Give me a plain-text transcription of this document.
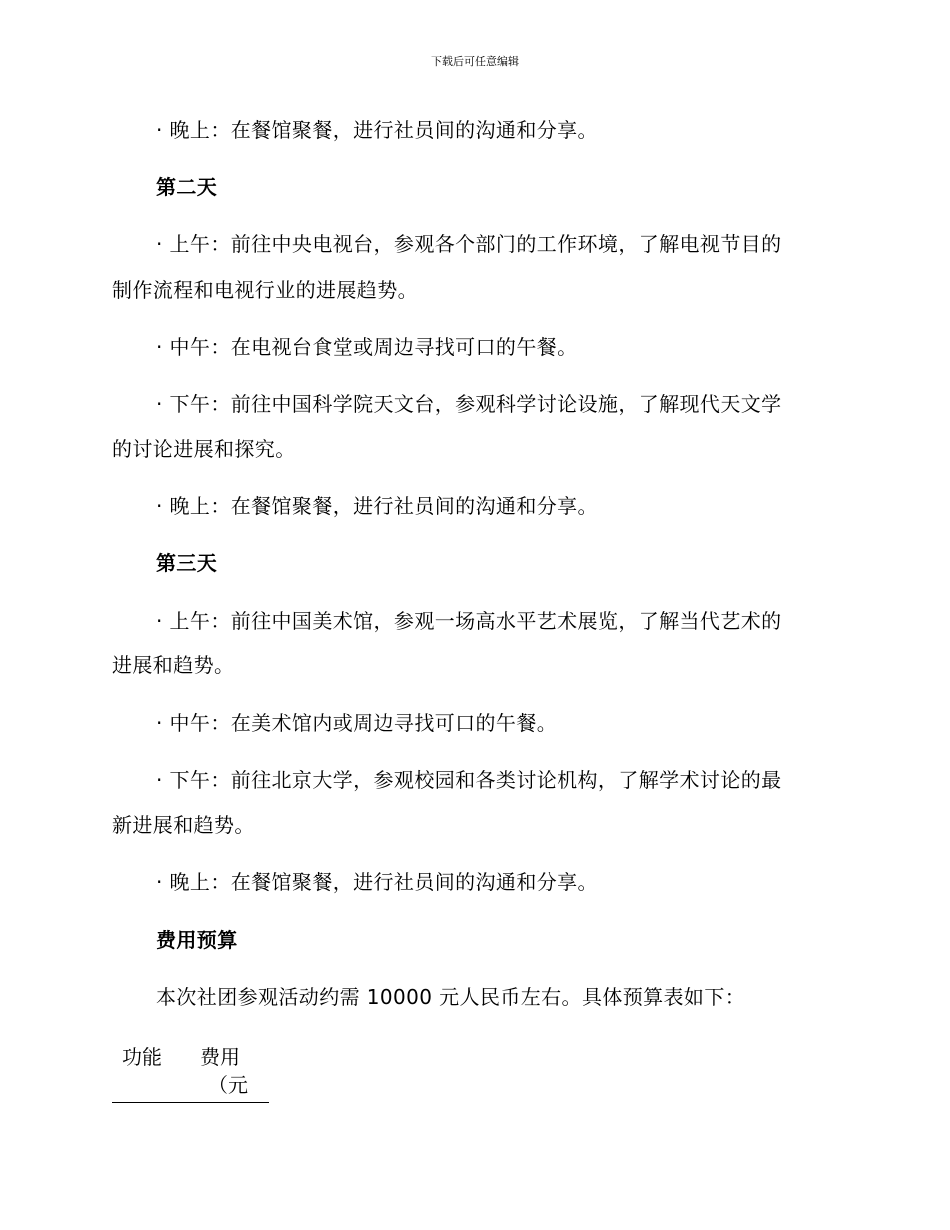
下载后可任意编辑
· 晚上：在餐馆聚餐，进行社员间的沟通和分享。
第二天
· 上午：前往中央电视台，参观各个部门的工作环境，了解电视节目的
制作流程和电视行业的进展趋势。
· 中午：在电视台食堂或周边寻找可口的午餐。
· 下午：前往中国科学院天文台，参观科学讨论设施，了解现代天文学
的讨论进展和探究。
· 晚上：在餐馆聚餐，进行社员间的沟通和分享。
第三天
· 上午：前往中国美术馆，参观一场高水平艺术展览，了解当代艺术的
进展和趋势。
· 中午：在美术馆内或周边寻找可口的午餐。
· 下午：前往北京大学，参观校园和各类讨论机构，了解学术讨论的最
新进展和趋势。
· 晚上：在餐馆聚餐，进行社员间的沟通和分享。
费用预算
本次社团参观活动约需 10000 元人民币左右。具体预算表如下：
功能 费用
（元
